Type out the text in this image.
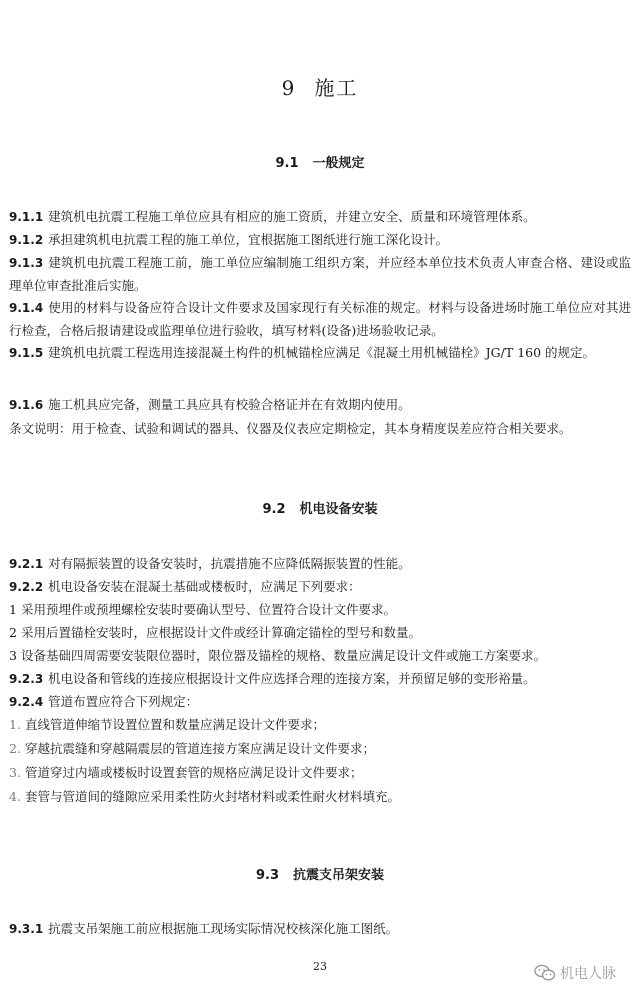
9 施工
9.1 一般规定

9.1.1 建筑机电抗震工程施工单位应具有相应的施工资质，并建立安全、质量和环境管理体系。

9.1.2 承担建筑机电抗震工程的施工单位，宜根据施工图纸进行施工深化设计。

9.1.3 建筑机电抗震工程施工前，施工单位应编制施工组织方案，并应经本单位技术负责人审查合格、建设或监理单位审查批准后实施。

9.1.4 使用的材料与设备应符合设计文件要求及国家现行有关标准的规定。材料与设备进场时施工单位应对其进行检查，合格后报请建设或监理单位进行验收，填写材料(设备)进场验收记录。

9.1.5 建筑机电抗震工程选用连接混凝土构件的机械锚栓应满足《混凝土用机械锚栓》JG/T 160 的规定。

9.1.6 施工机具应完备，测量工具应具有校验合格证并在有效期内使用。

条文说明：用于检查、试验和调试的器具、仪器及仪表应定期检定，其本身精度误差应符合相关要求。

9.2 机电设备安装

9.2.1 对有隔振装置的设备安装时，抗震措施不应降低隔振装置的性能。

9.2.2 机电设备安装在混凝土基础或楼板时，应满足下列要求：

1 采用预埋件或预埋螺栓安装时要确认型号、位置符合设计文件要求。

2 采用后置锚栓安装时，应根据设计文件或经计算确定锚栓的型号和数量。

3 设备基础四周需要安装限位器时，限位器及锚栓的规格、数量应满足设计文件或施工方案要求。

9.2.3 机电设备和管线的连接应根据设计文件应选择合理的连接方案，并预留足够的变形裕量。

9.2.4 管道布置应符合下列规定：

1. 直线管道伸缩节设置位置和数量应满足设计文件要求；

2. 穿越抗震缝和穿越隔震层的管道连接方案应满足设计文件要求；

3. 管道穿过内墙或楼板时设置套管的规格应满足设计文件要求；

4. 套管与管道间的缝隙应采用柔性防火封堵材料或柔性耐火材料填充。

9.3 抗震支吊架安装

9.3.1 抗震支吊架施工前应根据施工现场实际情况校核深化施工图纸。

23	机电人脉
